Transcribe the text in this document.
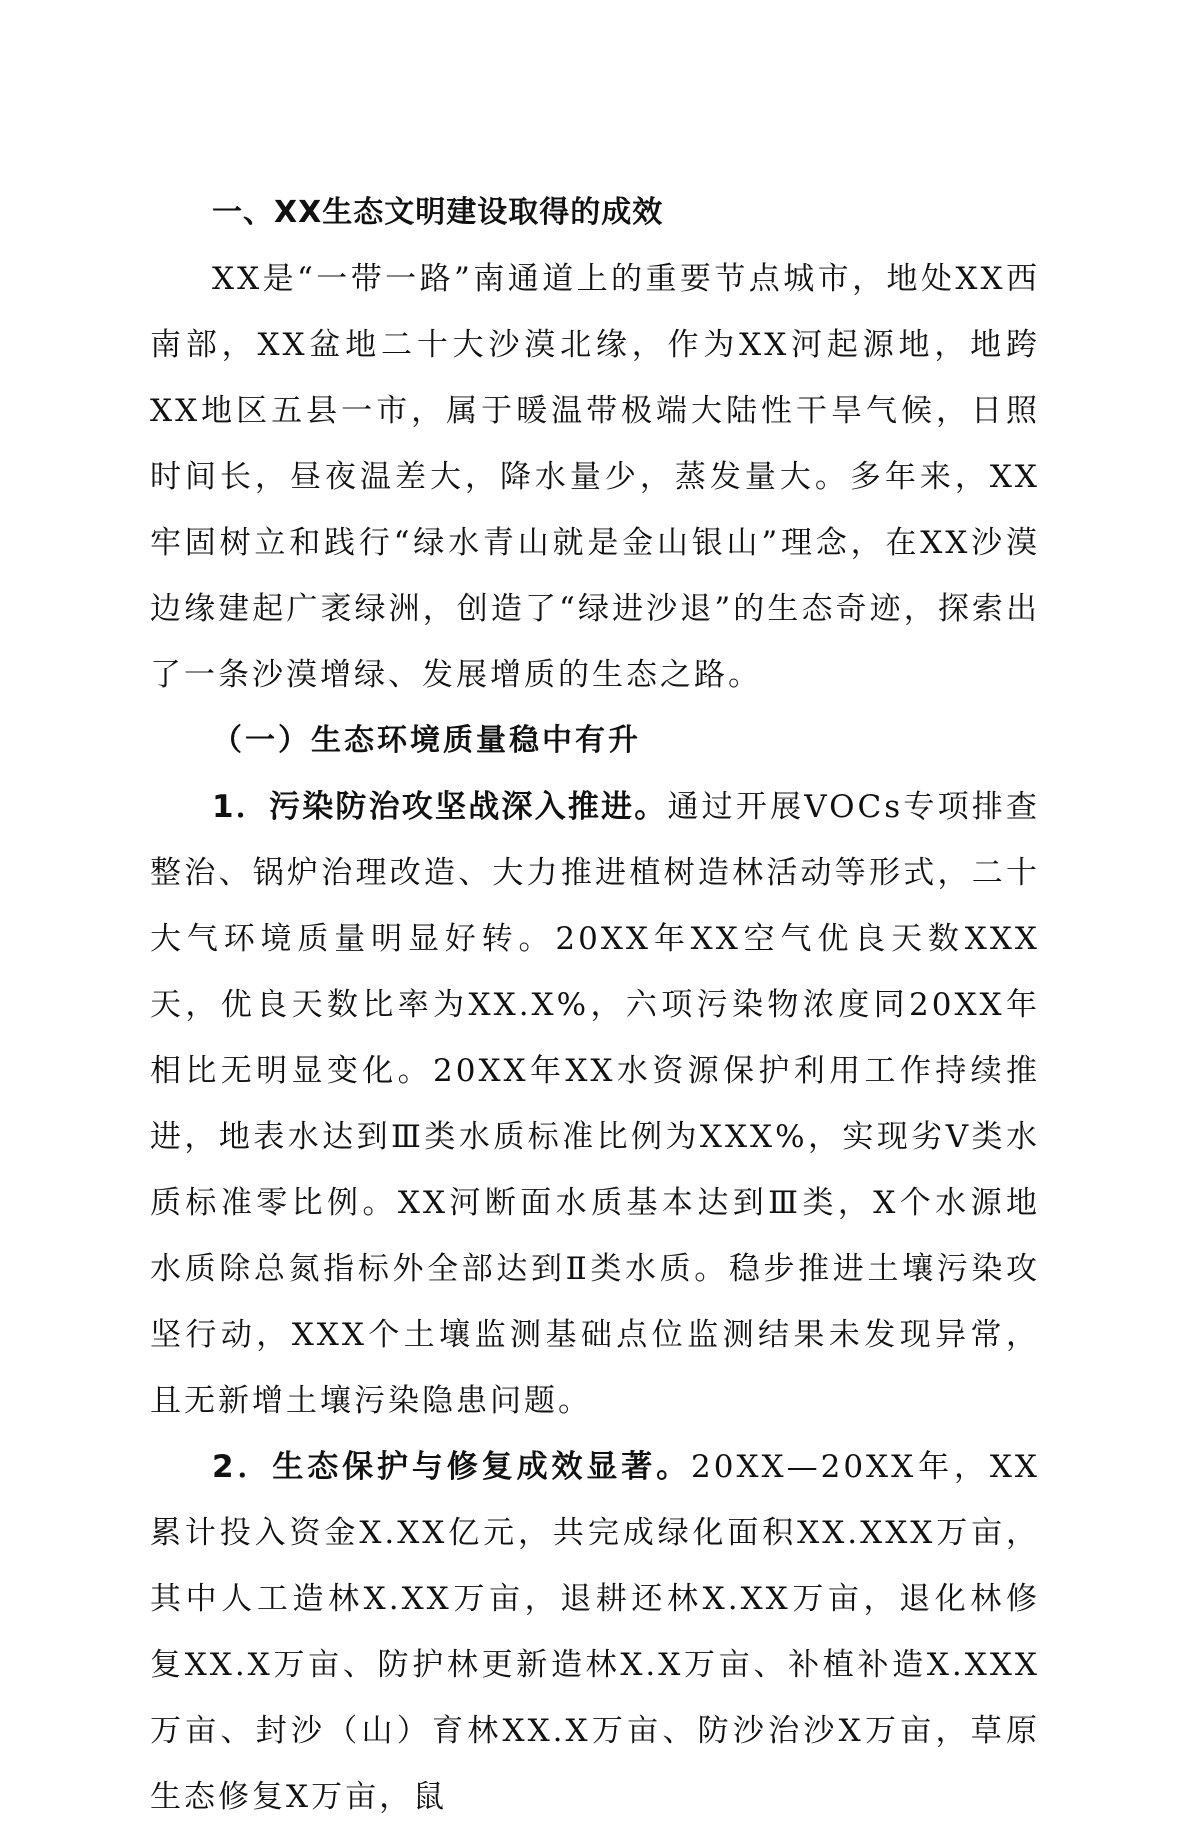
一、XX生态文明建设取得的成效

XX是“一带一路”南通道上的重要节点城市，地处XX西南部，XX盆地二十大沙漠北缘，作为XX河起源地，地跨XX地区五县一市，属于暖温带极端大陆性干旱气候，日照时间长，昼夜温差大，降水量少，蒸发量大。多年来，XX牢固树立和践行“绿水青山就是金山银山”理念，在XX沙漠边缘建起广袤绿洲，创造了“绿进沙退”的生态奇迹，探索出了一条沙漠增绿、发展增质的生态之路。

（一）生态环境质量稳中有升

1．污染防治攻坚战深入推进。通过开展VOCs专项排查整治、锅炉治理改造、大力推进植树造林活动等形式，二十大气环境质量明显好转。20XX年XX空气优良天数XXX天，优良天数比率为XX.X%，六项污染物浓度同20XX年相比无明显变化。20XX年XX水资源保护利用工作持续推进，地表水达到Ⅲ类水质标准比例为XXX%，实现劣Ⅴ类水质标准零比例。XX河断面水质基本达到Ⅲ类，X个水源地水质除总氮指标外全部达到Ⅱ类水质。稳步推进土壤污染攻坚行动，XXX个土壤监测基础点位监测结果未发现异常，且无新增土壤污染隐患问题。

2．生态保护与修复成效显著。20XX—20XX年，XX累计投入资金X.XX亿元，共完成绿化面积XX.XXX万亩，其中人工造林X.XX万亩，退耕还林X.XX万亩，退化林修复XX.X万亩、防护林更新造林X.X万亩、补植补造X.XXX万亩、封沙（山）育林XX.X万亩、防沙治沙X万亩，草原生态修复X万亩，鼠
